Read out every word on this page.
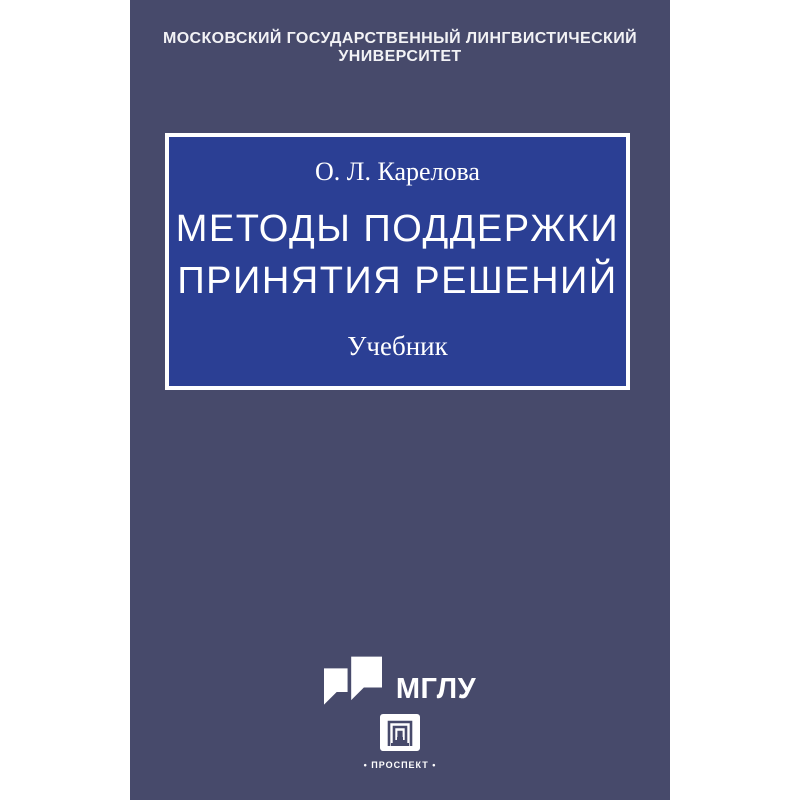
МОСКОВСКИЙ ГОСУДАРСТВЕННЫЙ ЛИНГВИСТИЧЕСКИЙ УНИВЕРСИТЕТ
О. Л. Карелова
МЕТОДЫ ПОДДЕРЖКИ
ПРИНЯТИЯ РЕШЕНИЙ
Учебник
МГЛУ
• ПРОСПЕКТ •
